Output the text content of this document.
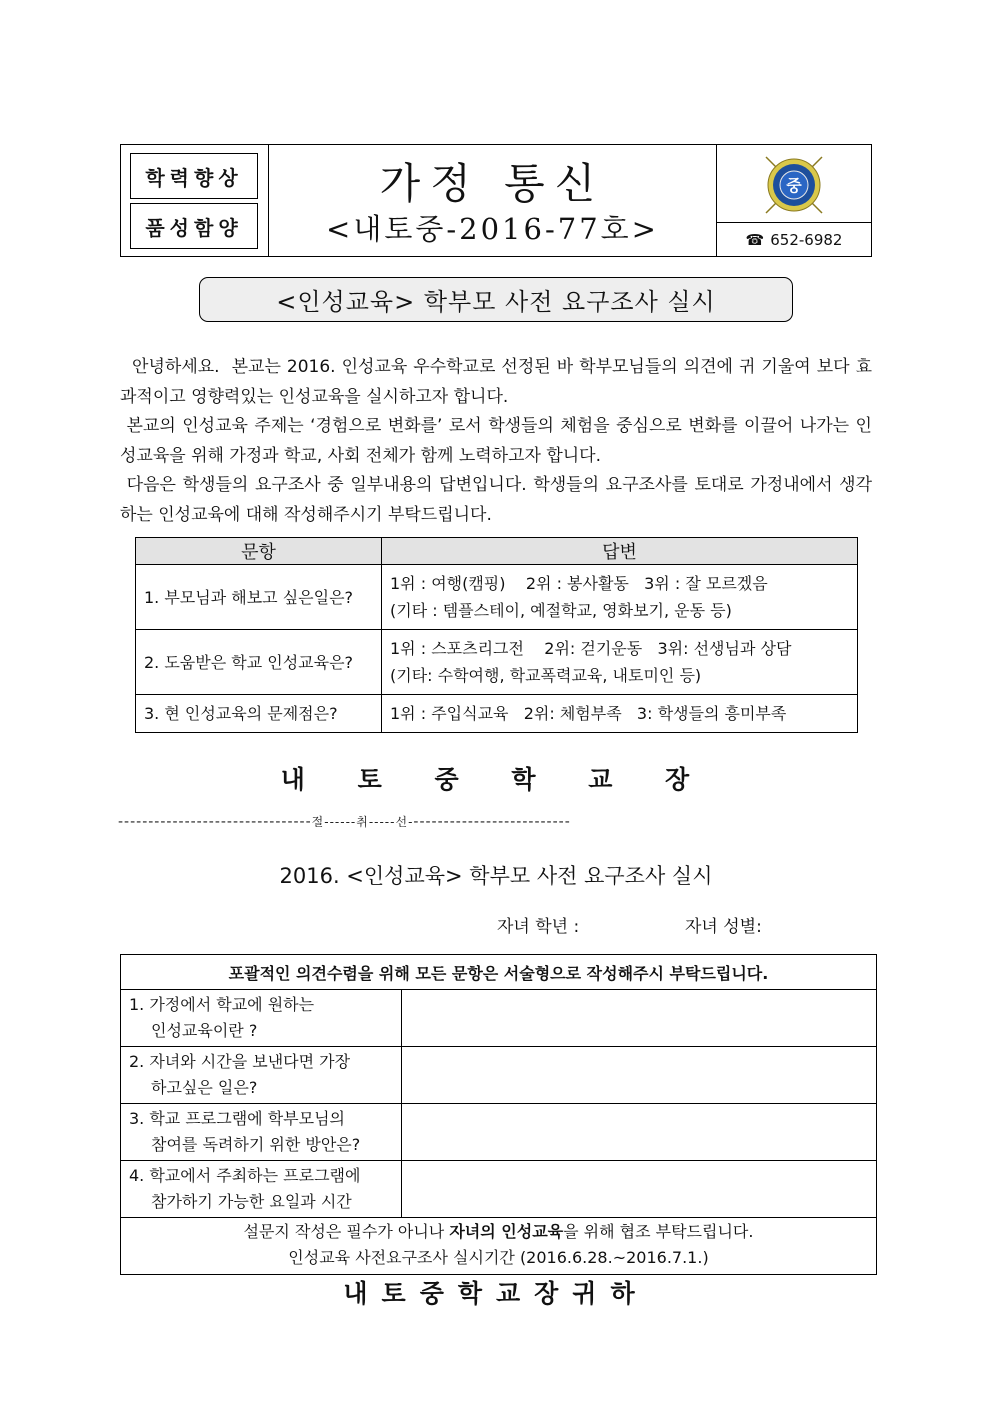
학력향상
품성함양
가정 통신
<내토중-2016-77호>
중
☎ 652-6982
<인성교육> 학부모 사전 요구조사 실시

안녕하세요.  본교는 2016. 인성교육 우수학교로 선정된 바 학부모님들의 의견에 귀 기울여 보다 효과적이고 영향력있는 인성교육을 실시하고자 합니다.

본교의 인성교육 주제는 ‘경험으로 변화를’ 로서 학생들의 체험을 중심으로 변화를 이끌어 나가는 인성교육을 위해 가정과 학교, 사회 전체가 함께 노력하고자 합니다.

다음은 학생들의 요구조사 중 일부내용의 답변입니다. 학생들의 요구조사를 토대로 가정내에서 생각하는 인성교육에 대해 작성해주시기 부탁드립니다.

문항	답변
1. 부모님과 해보고 싶은일은?	1위 : 여행(캠핑)    2위 : 봉사활동   3위 : 잘 모르겠음
(기타 : 템플스테이, 예절학교, 영화보기, 운동 등)

2. 도움받은 학교 인성교육은?	1위 : 스포츠리그전    2위: 걷기운동   3위: 선생님과 상담
(기타: 수학여행, 학교폭력교육, 내토미인 등)

3. 현 인성교육의 문제점은?	1위 : 주입식교육   2위: 체험부족   3: 학생들의 흥미부족
내 토 중 학 교 장
--------------------------------절------취-----선---------------------------
2016. <인성교육> 학부모 사전 요구조사 실시
자녀 학년 :	자녀 성별:
포괄적인 의견수렴을 위해 모든 문항은 서술형으로 작성해주시 부탁드립니다.	
1. 가정에서 학교에 원하는
인성교육이란 ?	

2. 자녀와 시간을 보낸다면 가장
하고싶은 일은?	

3. 학교 프로그램에 학부모님의
참여를 독려하기 위한 방안은?	

4. 학교에서 주최하는 프로그램에
참가하기 가능한 요일과 시간	

설문지 작성은 필수가 아니나 자녀의 인성교육을 위해 협조 부탁드립니다.
인성교육 사전요구조사 실시기간 (2016.6.28.~2016.7.1.)	
내토중학교장귀하
